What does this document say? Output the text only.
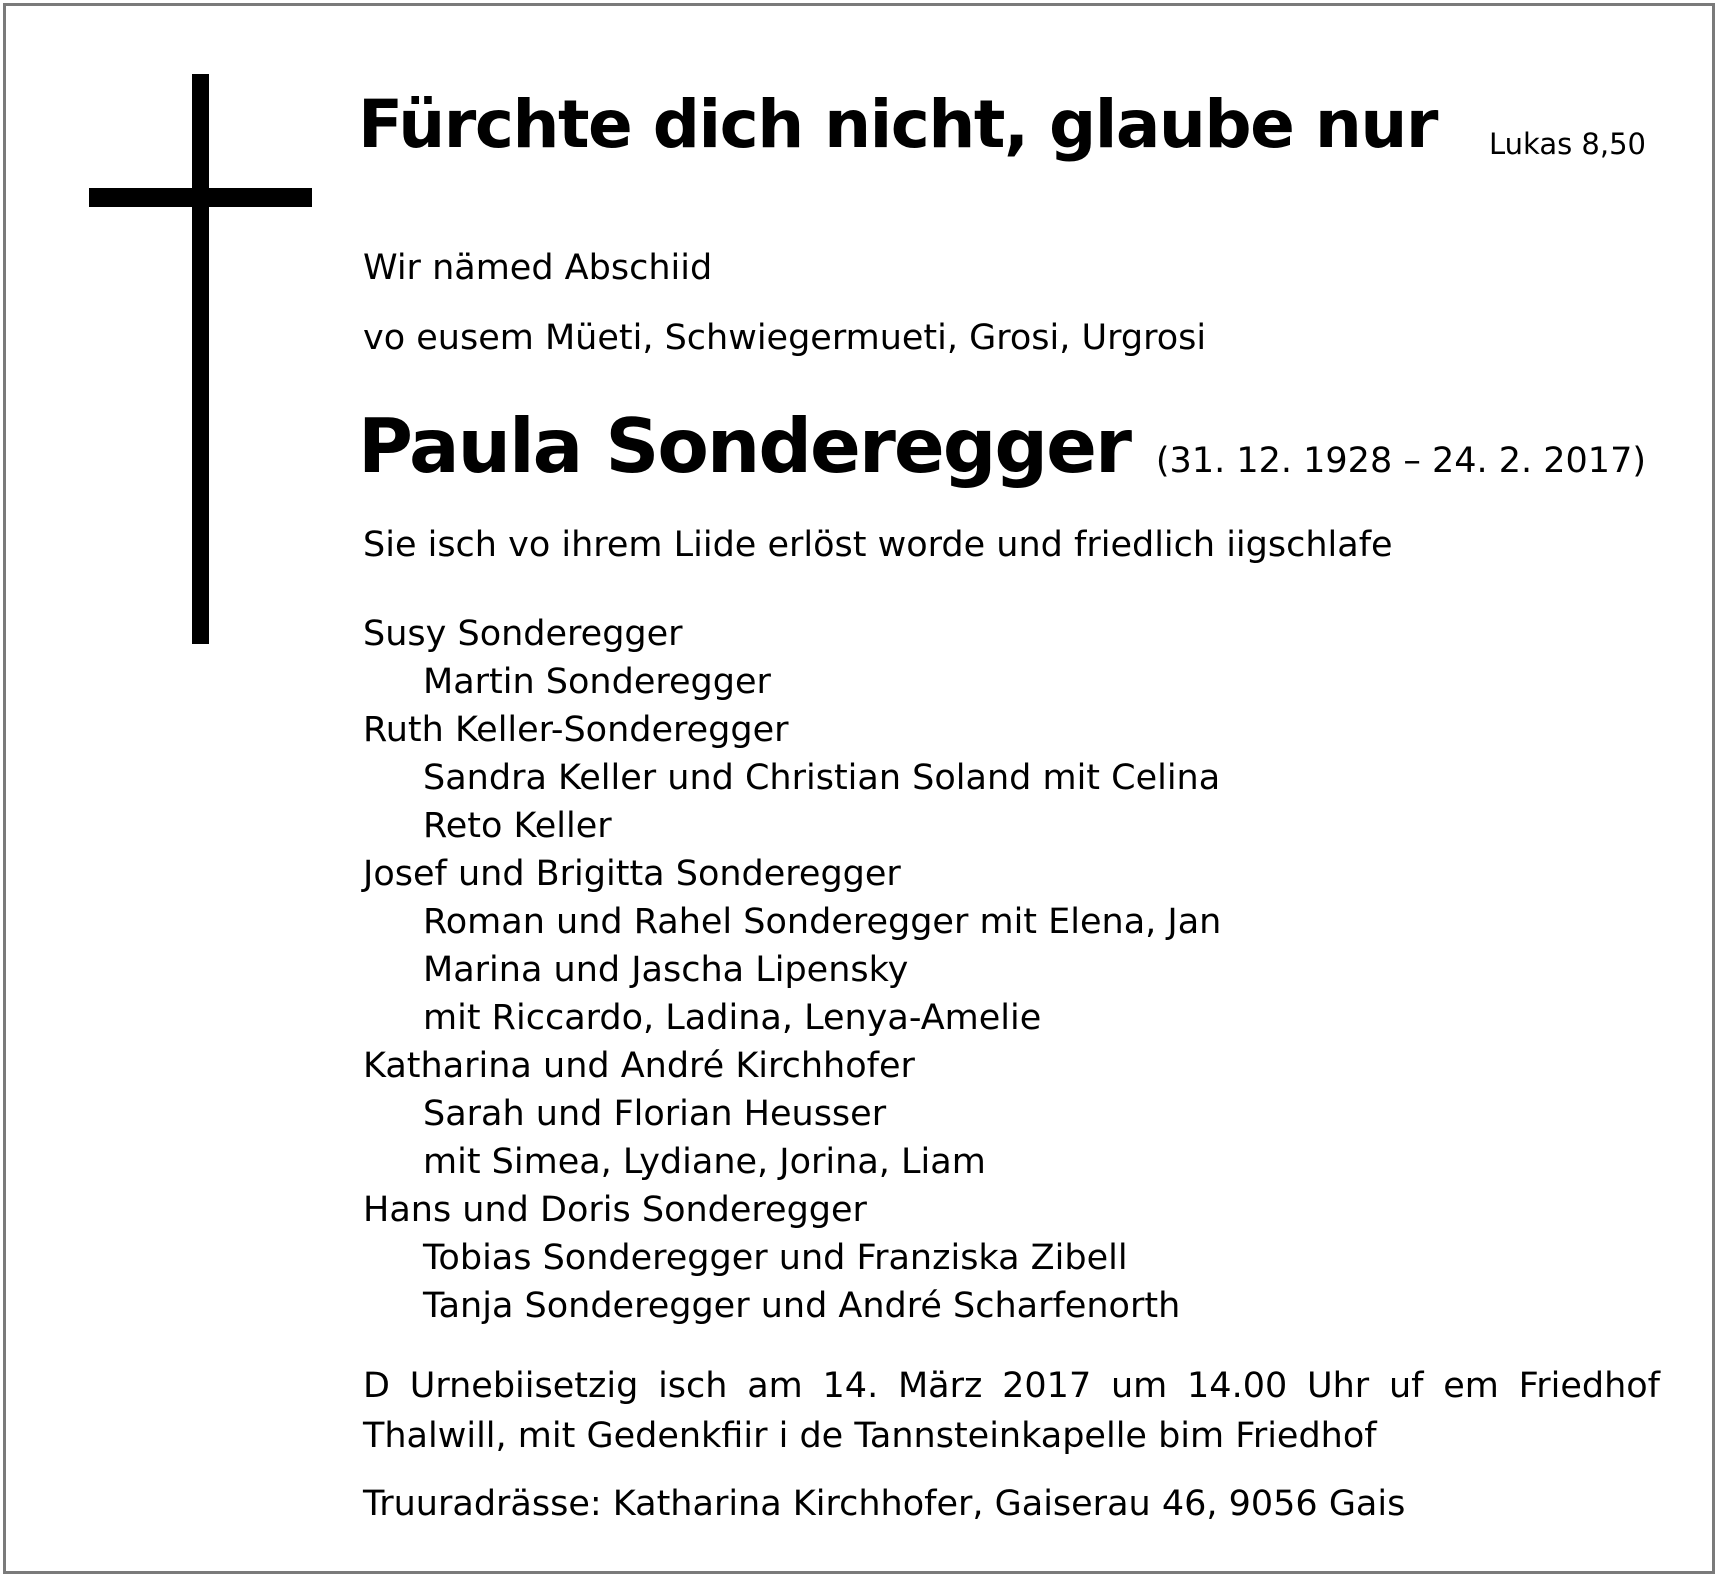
Fürchte dich nicht, glaube nur Lukas 8,50
Wir nämed Abschiid
vo eusem Müeti, Schwiegermueti, Grosi, Urgrosi
Paula Sonderegger (31. 12. 1928 – 24. 2. 2017)
Sie isch vo ihrem Liide erlöst worde und friedlich iigschlafe
Susy Sonderegger
Martin Sonderegger
Ruth Keller-Sonderegger
Sandra Keller und Christian Soland mit Celina
Reto Keller
Josef und Brigitta Sonderegger
Roman und Rahel Sonderegger mit Elena, Jan
Marina und Jascha Lipensky
mit Riccardo, Ladina, Lenya-Amelie
Katharina und André Kirchhofer
Sarah und Florian Heusser
mit Simea, Lydiane, Jorina, Liam
Hans und Doris Sonderegger
Tobias Sonderegger und Franziska Zibell
Tanja Sonderegger und André Scharfenorth
D Urnebiisetzig isch am 14. März 2017 um 14.00 Uhr uf em Friedhof
Thalwill, mit Gedenkfiir i de Tannsteinkapelle bim Friedhof
Truuradrässe: Katharina Kirchhofer, Gaiserau 46, 9056 Gais
